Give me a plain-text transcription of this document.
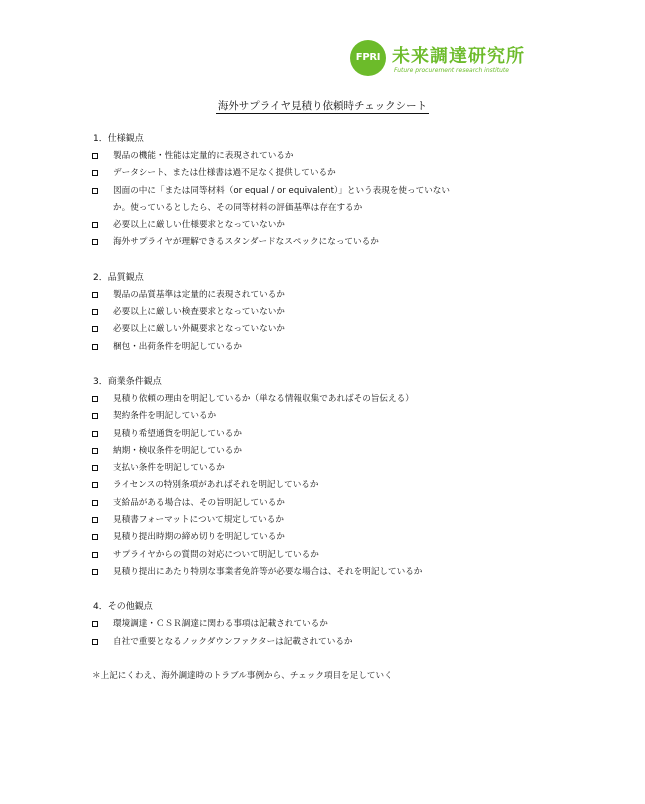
FPRI 未来調達研究所
Future procurement research institute
海外サプライヤ見積り依頼時チェックシート
1．仕様観点
製品の機能・性能は定量的に表現されているか
データシート、または仕様書は過不足なく提供しているか
図面の中に「または同等材料（or equal / or equivalent）」という表現を使っていない
か。使っているとしたら、その同等材料の評価基準は存在するか
必要以上に厳しい仕様要求となっていないか
海外サプライヤが理解できるスタンダードなスペックになっているか
2．品質観点
製品の品質基準は定量的に表現されているか
必要以上に厳しい検査要求となっていないか
必要以上に厳しい外観要求となっていないか
梱包・出荷条件を明記しているか
3．商業条件観点
見積り依頼の理由を明記しているか（単なる情報収集であればその旨伝える）
契約条件を明記しているか
見積り希望通貨を明記しているか
納期・検収条件を明記しているか
支払い条件を明記しているか
ライセンスの特別条項があればそれを明記しているか
支給品がある場合は、その旨明記しているか
見積書フォーマットについて規定しているか
見積り提出時期の締め切りを明記しているか
サプライヤからの質問の対応について明記しているか
見積り提出にあたり特別な事業者免許等が必要な場合は、それを明記しているか
4．その他観点
環境調達・ＣＳＲ調達に関わる事項は記載されているか
自社で重要となるノックダウンファクターは記載されているか
＊上記にくわえ、海外調達時のトラブル事例から、チェック項目を足していく
